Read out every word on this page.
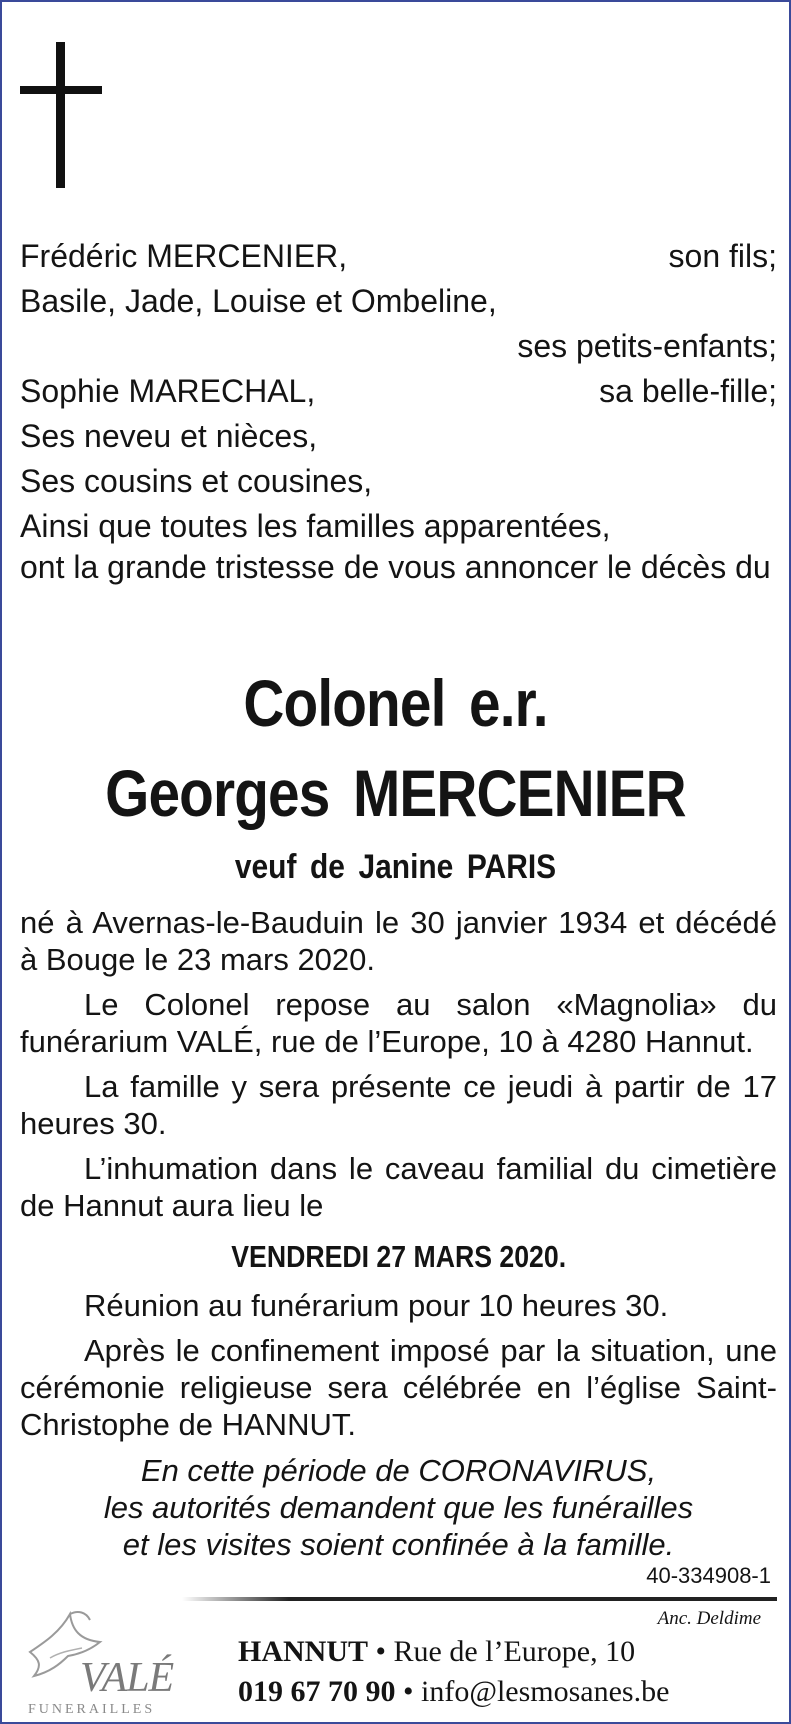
Frédéric MERCENIER,	son fils;
Basile, Jade, Louise et Ombeline,
ses petits-enfants;
Sophie MARECHAL,	sa belle-fille;
Ses neveu et nièces,
Ses cousins et cousines,
Ainsi que toutes les familles apparentées,
ont la grande tristesse de vous annoncer le décès du
Colonel e.r.
Georges MERCENIER
veuf de Janine PARIS

né à Avernas-le-Bauduin le 30 janvier 1934 et décédé à Bouge le 23 mars 2020.

Le Colonel repose au salon «Magnolia» du funérarium VALÉ, rue de l’Europe, 10 à 4280 Hannut.

La famille y sera présente ce jeudi à partir de 17 heures 30.

L’inhumation dans le caveau familial du cimetière de Hannut aura lieu le

VENDREDI 27 MARS 2020.

Réunion au funérarium pour 10 heures 30.

Après le confinement imposé par la situation, une cérémonie religieuse sera célébrée en l’église Saint-Christophe de HANNUT.

En cette période de CORONAVIRUS,
les autorités demandent que les funérailles
et les visites soient confinée à la famille.
40-334908-1
Anc. Deldime
VALÉ
FUNERAILLES
HANNUT • Rue de l’Europe, 10
019 67 70 90 • info@lesmosanes.be
